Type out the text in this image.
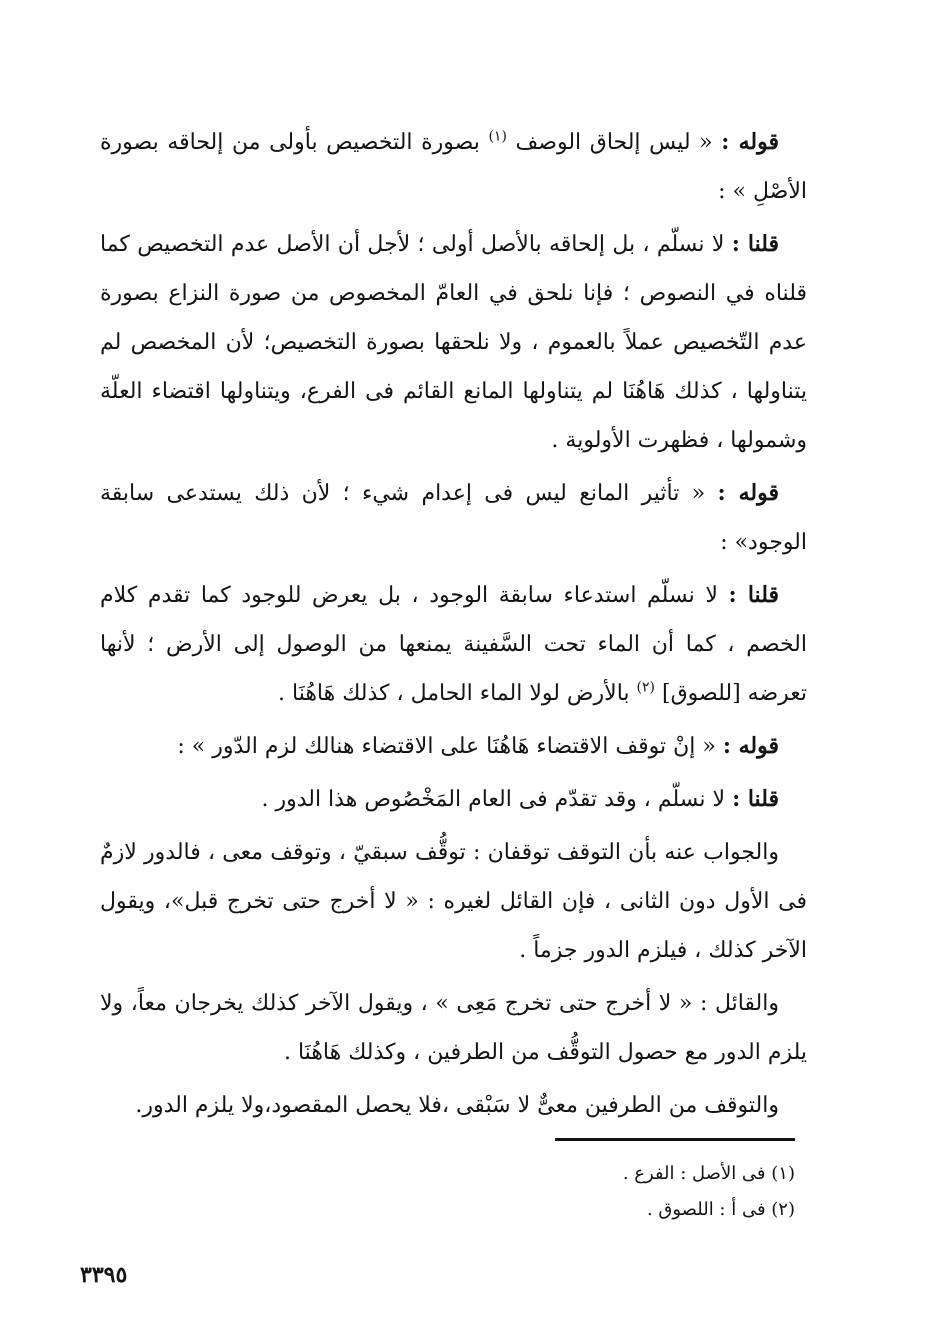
قوله : « ليس إلحاق الوصف $^{(١)}$ بصورة التخصيص بأولى من إلحاقه بصورة الأصْلِ » :

قلنا : لا نسلّم ، بل إلحاقه بالأصل أولى ؛ لأجل أن الأصل عدم التخصيص كما قلناه في النصوص ؛ فإنا نلحق في العامّ المخصوص من صورة النزاع بصورة عدم التّخصيص عملاً بالعموم ، ولا نلحقها بصورة التخصيص؛ لأن المخصص لم يتناولها ، كذلك هَاهُنَا لم يتناولها المانع القائم فى الفرع، ويتناولها اقتضاء العلّة وشمولها ، فظهرت الأولوية .

قوله : « تأثير المانع ليس فى إعدام شيء ؛ لأن ذلك يستدعى سابقة الوجود» :

قلنا : لا نسلّم استدعاء سابقة الوجود ، بل يعرض للوجود كما تقدم كلام الخصم ، كما أن الماء تحت السَّفينة يمنعها من الوصول إلى الأرض ؛ لأنها تعرضه [للصوق] $^{(٢)}$ بالأرض لولا الماء الحامل ، كذلك هَاهُنَا .

قوله : « إنْ توقف الاقتضاء هَاهُنَا على الاقتضاء هنالك لزم الدّور » :

قلنا : لا نسلّم ، وقد تقدّم فى العام المَخْصُوص هذا الدور .

والجواب عنه بأن التوقف توقفان : توقُّف سبقيّ ، وتوقف معى ، فالدور لازمٌ فى الأول دون الثانى ، فإن القائل لغيره : « لا أخرج حتى تخرج قبل»، ويقول الآخر كذلك ، فيلزم الدور جزماً .

والقائل : « لا أخرج حتى تخرج مَعِى » ، ويقول الآخر كذلك يخرجان معاً، ولا يلزم الدور مع حصول التوقُّف من الطرفين ، وكذلك هَاهُنَا .

والتوقف من الطرفين معىٌّ لا سَبْقى ،فلا يحصل المقصود،ولا يلزم الدور.

(١) فى الأصل : الفرع .

(٢) فى أ : اللصوق .

٣٣٩٥
